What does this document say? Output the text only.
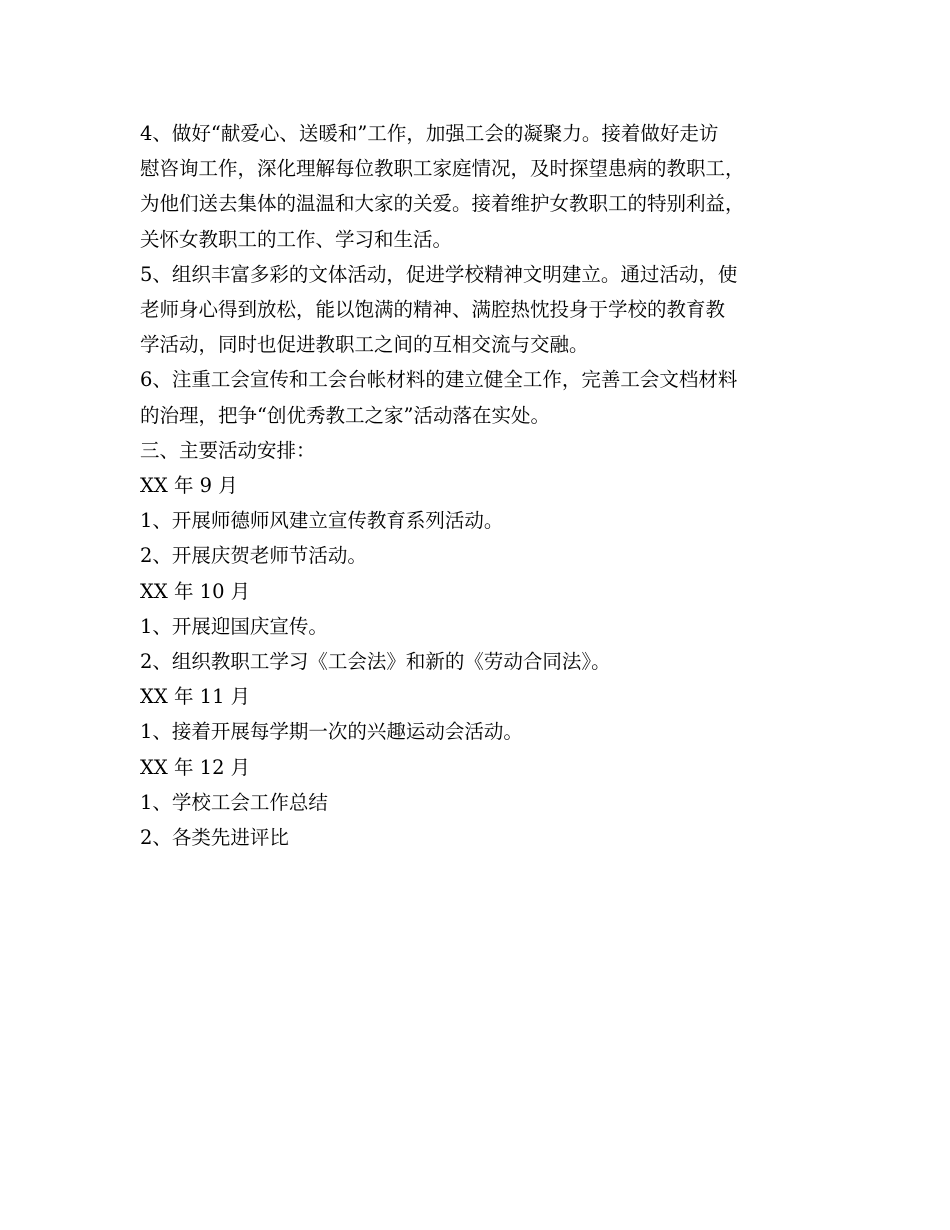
4、做好“献爱心、送暖和”工作，加强工会的凝聚力。接着做好走访
慰咨询工作，深化理解每位教职工家庭情况，及时探望患病的教职工，
为他们送去集体的温温和大家的关爱。接着维护女教职工的特别利益，
关怀女教职工的工作、学习和生活。
5、组织丰富多彩的文体活动，促进学校精神文明建立。通过活动，使
老师身心得到放松，能以饱满的精神、满腔热忱投身于学校的教育教
学活动，同时也促进教职工之间的互相交流与交融。
6、注重工会宣传和工会台帐材料的建立健全工作，完善工会文档材料
的治理，把争“创优秀教工之家”活动落在实处。
三、主要活动安排：
XX 年 9 月
1、开展师德师风建立宣传教育系列活动。
2、开展庆贺老师节活动。
XX 年 10 月
1、开展迎国庆宣传。
2、组织教职工学习《工会法》和新的《劳动合同法》。
XX 年 11 月
1、接着开展每学期一次的兴趣运动会活动。
XX 年 12 月
1、学校工会工作总结
2、各类先进评比
